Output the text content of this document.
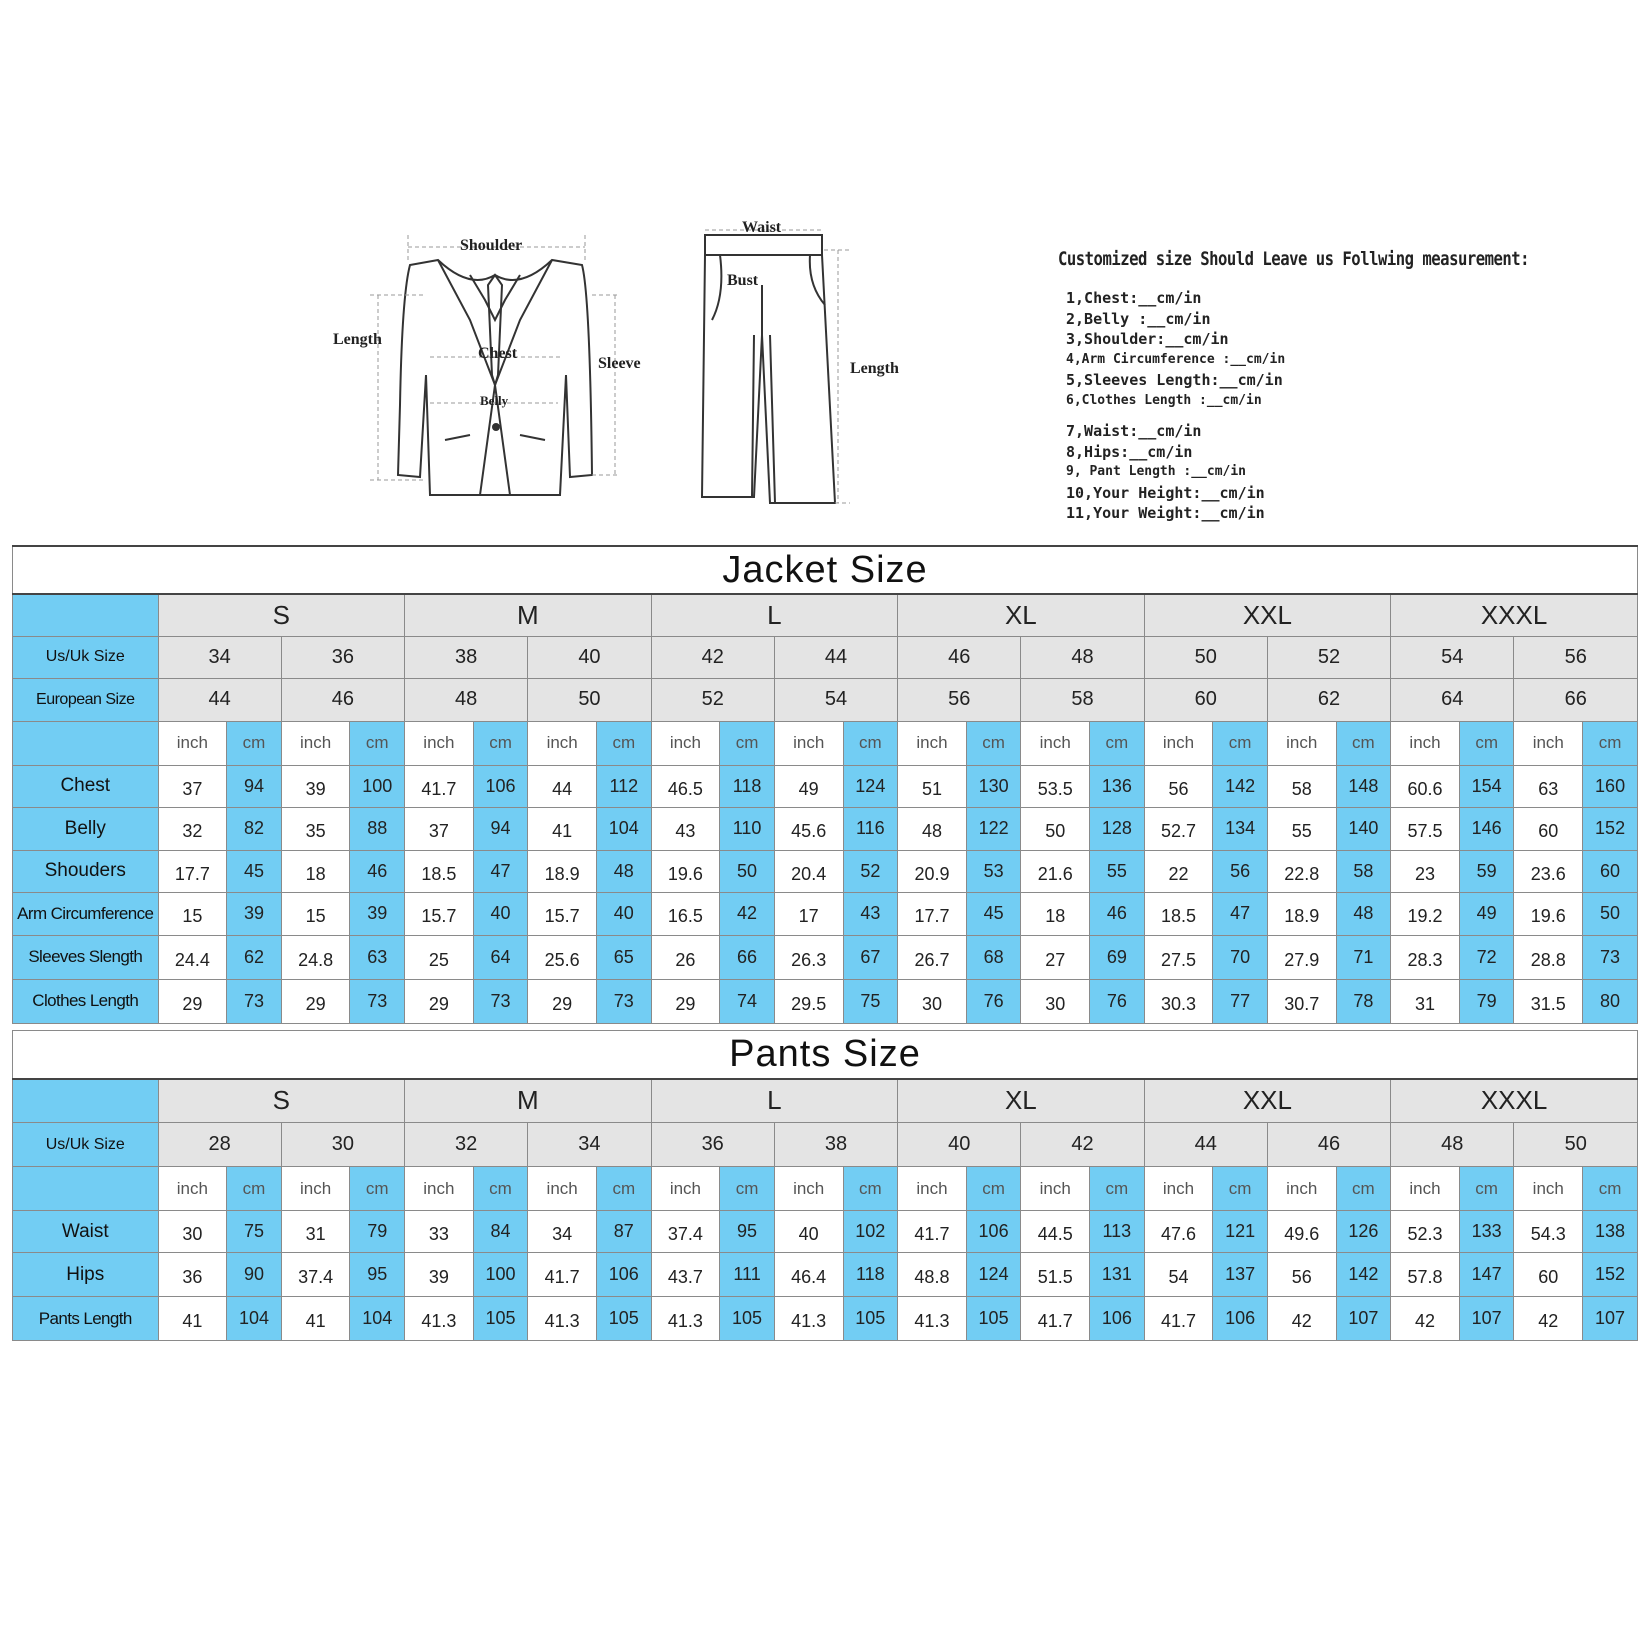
Shoulder
Length
Chest
Sleeve
Belly
Waist
Bust
Length
Customized size Should Leave us Follwing measurement:
1,Chest:__cm/in
2,Belly :__cm/in
3,Shoulder:__cm/in
4,Arm Circumference :__cm/in
5,Sleeves Length:__cm/in
6,Clothes Length :__cm/in
7,Waist:__cm/in
8,Hips:__cm/in
9, Pant Length :__cm/in
10,Your Height:__cm/in
11,Your Weight:__cm/in
Jacket Size																								
	S				M				L				XL				XXL				XXXL			
Us/Uk Size	34		36		38		40		42		44		46		48		50		52		54		56	
European Size	44		46		48		50		52		54		56		58		60		62		64		66	
	inch	cm	inch	cm	inch	cm	inch	cm	inch	cm	inch	cm	inch	cm	inch	cm	inch	cm	inch	cm	inch	cm	inch	cm
Chest	37	94	39	100	41.7	106	44	112	46.5	118	49	124	51	130	53.5	136	56	142	58	148	60.6	154	63	160
Belly	32	82	35	88	37	94	41	104	43	110	45.6	116	48	122	50	128	52.7	134	55	140	57.5	146	60	152
Shouders	17.7	45	18	46	18.5	47	18.9	48	19.6	50	20.4	52	20.9	53	21.6	55	22	56	22.8	58	23	59	23.6	60
Arm Circumference	15	39	15	39	15.7	40	15.7	40	16.5	42	17	43	17.7	45	18	46	18.5	47	18.9	48	19.2	49	19.6	50
Sleeves Slength	24.4	62	24.8	63	25	64	25.6	65	26	66	26.3	67	26.7	68	27	69	27.5	70	27.9	71	28.3	72	28.8	73
Clothes Length	29	73	29	73	29	73	29	73	29	74	29.5	75	30	76	30	76	30.3	77	30.7	78	31	79	31.5	80
Pants Size																								
	S				M				L				XL				XXL				XXXL			
Us/Uk Size	28		30		32		34		36		38		40		42		44		46		48		50	
	inch	cm	inch	cm	inch	cm	inch	cm	inch	cm	inch	cm	inch	cm	inch	cm	inch	cm	inch	cm	inch	cm	inch	cm
Waist	30	75	31	79	33	84	34	87	37.4	95	40	102	41.7	106	44.5	113	47.6	121	49.6	126	52.3	133	54.3	138
Hips	36	90	37.4	95	39	100	41.7	106	43.7	111	46.4	118	48.8	124	51.5	131	54	137	56	142	57.8	147	60	152
Pants Length	41	104	41	104	41.3	105	41.3	105	41.3	105	41.3	105	41.3	105	41.7	106	41.7	106	42	107	42	107	42	107
